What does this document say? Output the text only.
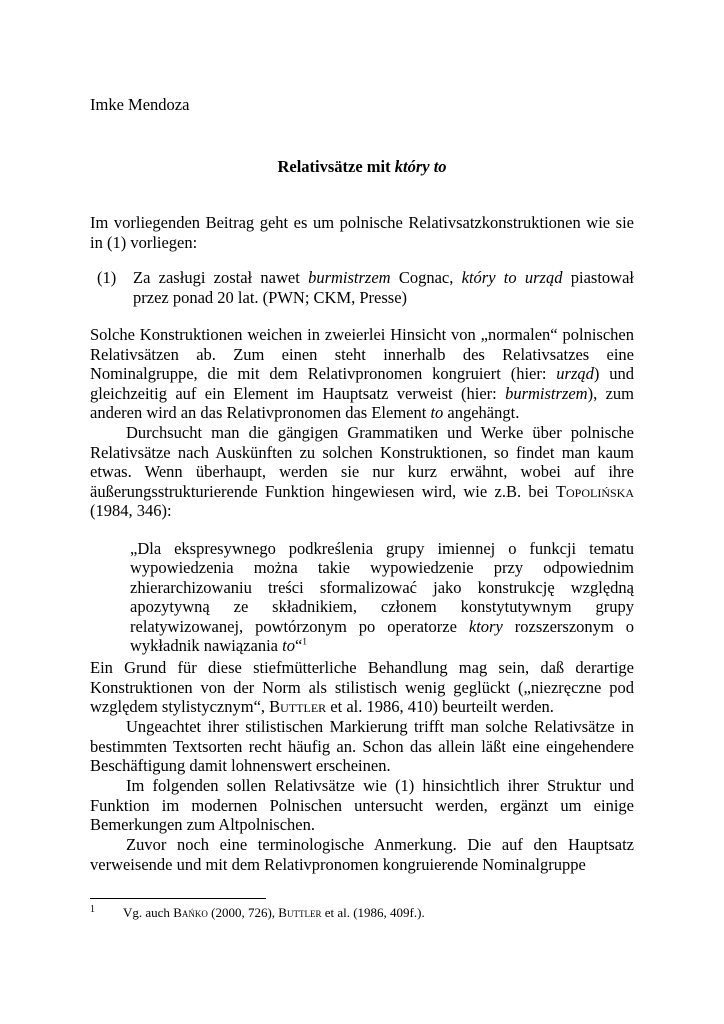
Imke Mendoza

Relativsätze mit który to

Im vorliegenden Beitrag geht es um polnische Relativsatzkonstruktionen wie sie in (1) vorliegen:

(1) Za zasługi został nawet burmistrzem Cognac, który to urząd piastował przez ponad 20 lat. (PWN; CKM, Presse)

Solche Konstruktionen weichen in zweierlei Hinsicht von „normalen“ polnischen Relativsätzen ab. Zum einen steht innerhalb des Relativsatzes eine Nominalgruppe, die mit dem Relativpronomen kongruiert (hier: urząd) und gleichzeitig auf ein Element im Hauptsatz verweist (hier: burmistrzem), zum anderen wird an das Relativpronomen das Element to angehängt.

Durchsucht man die gängigen Grammatiken und Werke über polnische Relativsätze nach Auskünften zu solchen Konstruktionen, so findet man kaum etwas. Wenn überhaupt, werden sie nur kurz erwähnt, wobei auf ihre äußerungsstrukturierende Funktion hingewiesen wird, wie z.B. bei Topolińska (1984, 346):

„Dla ekspresywnego podkreślenia grupy imiennej o funkcji tematu wypowiedzenia można takie wypowiedzenie przy odpowiednim zhierarchizowaniu treści sformalizować jako konstrukcję względną apozytywną ze składnikiem, członem konstytutywnym grupy relatywizowanej, powtórzonym po operatorze ktory rozszerszonym o wykładnik nawiązania to“$^1$

Ein Grund für diese stiefmütterliche Behandlung mag sein, daß derartige Konstruktionen von der Norm als stilistisch wenig geglückt („niezręczne pod względem stylistycznym“, Buttler et al. 1986, 410) beurteilt werden.

Ungeachtet ihrer stilistischen Markierung trifft man solche Relativsätze in bestimmten Textsorten recht häufig an. Schon das allein läßt eine eingehendere Beschäftigung damit lohnenswert erscheinen.

Im folgenden sollen Relativsätze wie (1) hinsichtlich ihrer Struktur und Funktion im modernen Polnischen untersucht werden, ergänzt um einige Bemerkungen zum Altpolnischen.

Zuvor noch eine terminologische Anmerkung. Die auf den Hauptsatz verweisende und mit dem Relativpronomen kongruierende Nominalgruppe

1 Vg. auch Bańko (2000, 726), Buttler et al. (1986, 409f.).
